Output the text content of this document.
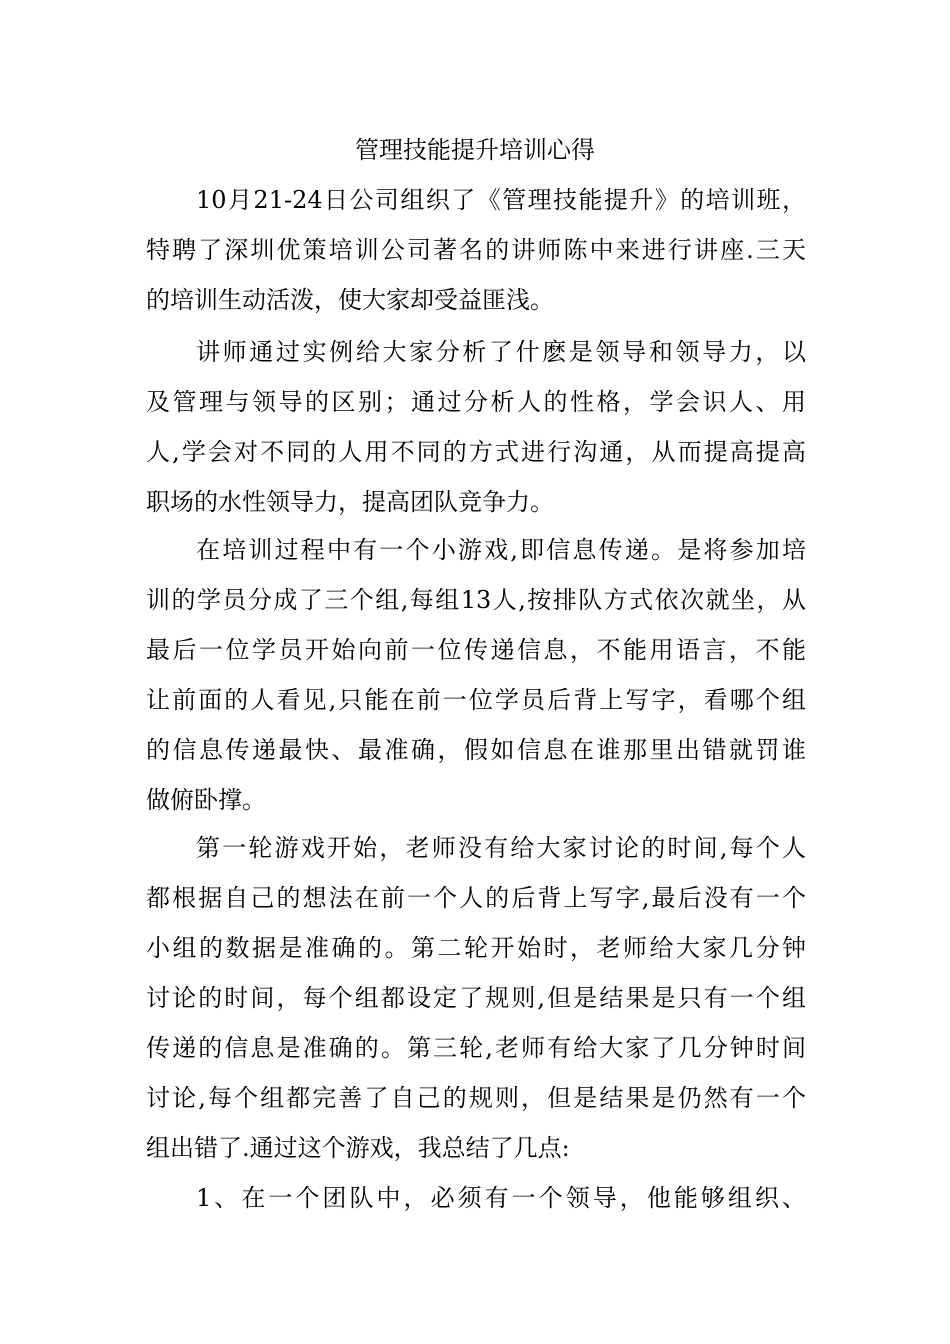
管理技能提升培训心得
10月21-24日公司组织了《管理技能提升》的培训班，
特聘了深圳优策培训公司著名的讲师陈中来进行讲座.三天
的培训生动活泼，使大家却受益匪浅。
讲师通过实例给大家分析了什麽是领导和领导力，以
及管理与领导的区别；通过分析人的性格，学会识人、用
人,学会对不同的人用不同的方式进行沟通，从而提高提高
职场的水性领导力，提高团队竞争力。
在培训过程中有一个小游戏,即信息传递。是将参加培
训的学员分成了三个组,每组13人,按排队方式依次就坐，从
最后一位学员开始向前一位传递信息，不能用语言，不能
让前面的人看见,只能在前一位学员后背上写字，看哪个组
的信息传递最快、最准确，假如信息在谁那里出错就罚谁
做俯卧撑。
第一轮游戏开始，老师没有给大家讨论的时间,每个人
都根据自己的想法在前一个人的后背上写字,最后没有一个
小组的数据是准确的。第二轮开始时，老师给大家几分钟
讨论的时间，每个组都设定了规则,但是结果是只有一个组
传递的信息是准确的。第三轮,老师有给大家了几分钟时间
讨论,每个组都完善了自己的规则，但是结果是仍然有一个
组出错了.通过这个游戏，我总结了几点:
1、在一个团队中，必须有一个领导，他能够组织、
